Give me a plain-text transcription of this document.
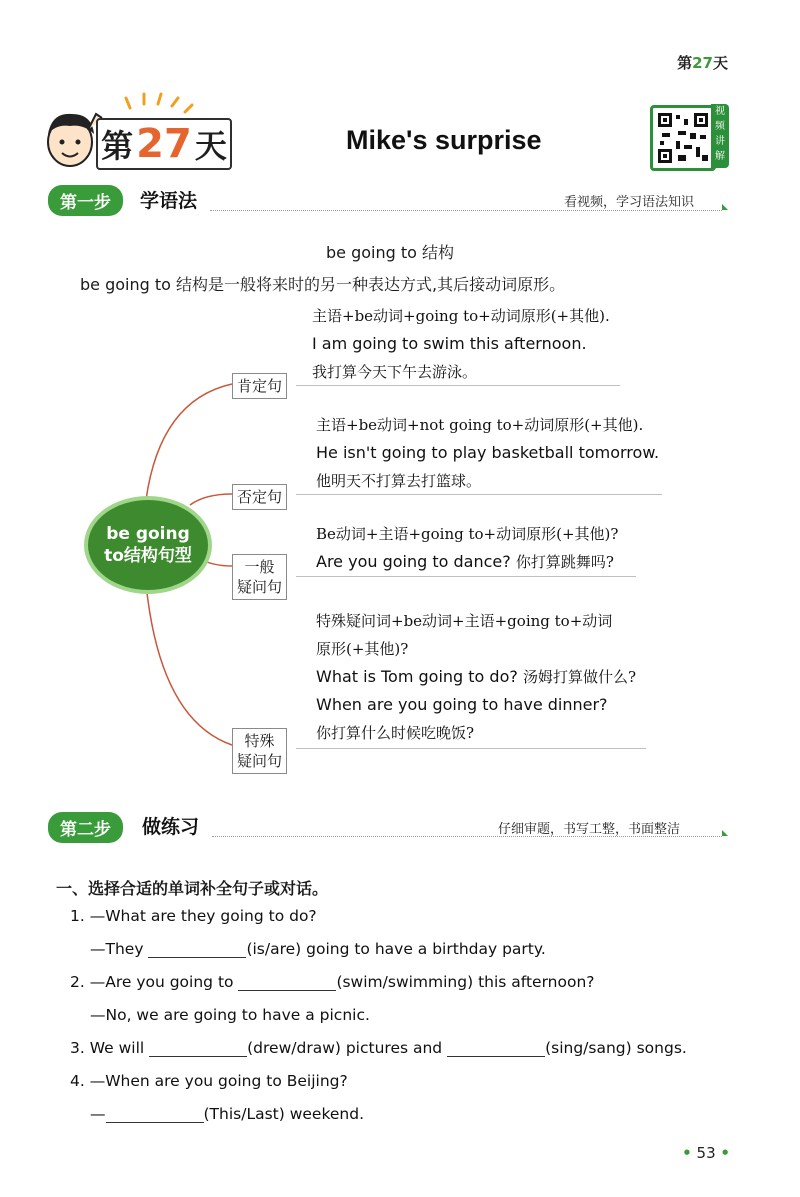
第27天
第 27 天	Mike's surprise
视频讲解
第一步	学语法	看视频，学习语法知识
be going to 结构
be going to 结构是一般将来时的另一种表达方式,其后接动词原形。
be going
to结构句型
肯定句
主语+be动词+going to+动词原形(+其他).
I am going to swim this afternoon.
我打算今天下午去游泳。
否定句
主语+be动词+not going to+动词原形(+其他).
He isn't going to play basketball tomorrow.
他明天不打算去打篮球。
一般
疑问句
Be动词+主语+going to+动词原形(+其他)?
Are you going to dance? 你打算跳舞吗?
特殊
疑问句
特殊疑问词+be动词+主语+going to+动词
原形(+其他)?
What is Tom going to do? 汤姆打算做什么?
When are you going to have dinner?
你打算什么时候吃晚饭?
第二步	做练习	仔细审题，书写工整，书面整洁
一、选择合适的单词补全句子或对话。
1. —What are they going to do?
—They	(is/are) going to have a birthday party.
2. —Are you going to	(swim/swimming) this afternoon?
—No, we are going to have a picnic.
3. We will	(drew/draw) pictures and	(sing/sang) songs.
4. —When are you going to Beijing?
—	(This/Last) weekend.
• 53 •
